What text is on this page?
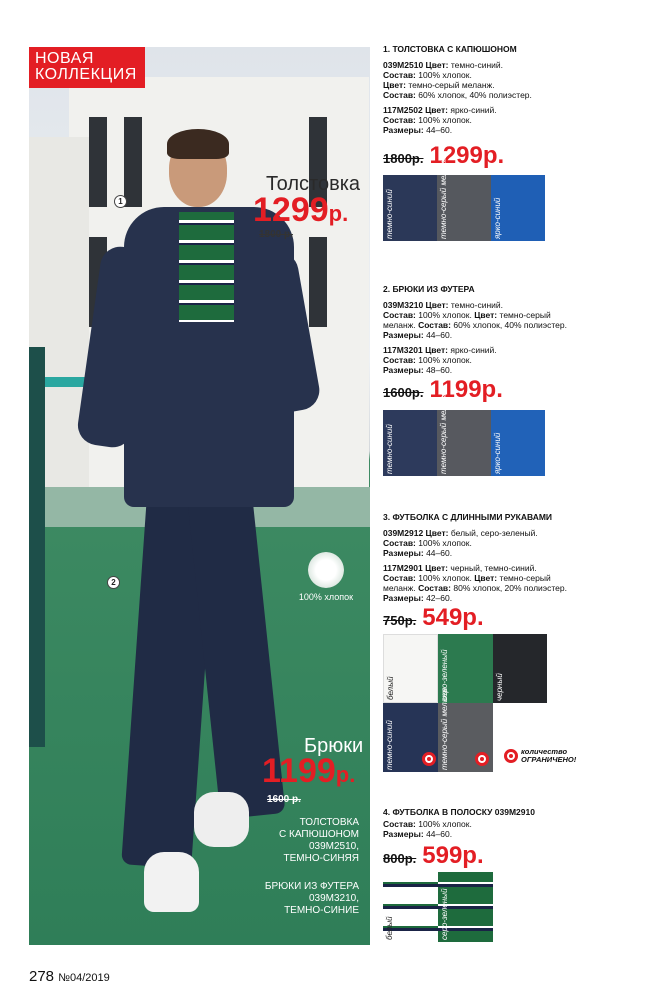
НОВАЯ
КОЛЛЕКЦИЯ
1
2
Толстовка
1299р.
1800 р.
100% хлопок
Брюки
1199р.
1600 р.
ТОЛСТОВКА
С КАПЮШОНОМ
039М2510,
ТЕМНО-СИНЯЯ
БРЮКИ ИЗ ФУТЕРА
039М3210,
ТЕМНО-СИНИЕ
1. ТОЛСТОВКА С КАПЮШОНОМ

039М2510 Цвет: темно-синий.

Состав: 100% хлопок.

Цвет: темно-серый меланж.

Состав: 60% хлопок, 40% полиэстер.

117М2502 Цвет: ярко-синий.

Состав: 100% хлопок.

Размеры: 44–60.

1800р. 1299р.
темно-синий	темно-серый меланж	ярко-синий
2. БРЮКИ ИЗ ФУТЕРА

039М3210 Цвет: темно-синий.

Состав: 100% хлопок. Цвет: темно-серый

меланж. Состав: 60% хлопок, 40% полиэстер.

Размеры: 44–60.

117М3201 Цвет: ярко-синий.

Состав: 100% хлопок.

Размеры: 48–60.

1600р. 1199р.
темно-синий	темно-серый меланж	ярко-синий
3. ФУТБОЛКА С ДЛИННЫМИ РУКАВАМИ

039М2912 Цвет: белый, серо-зеленый.

Состав: 100% хлопок.

Размеры: 44–60.

117М2901 Цвет: черный, темно-синий.

Состав: 100% хлопок. Цвет: темно-серый

меланж. Состав: 80% хлопок, 20% полиэстер.

Размеры: 42–60.

750р. 549р.
белый	серо-зеленый	черный
темно-синий	темно-серый меланж	количество
ОГРАНИЧЕНО!
4. ФУТБОЛКА В ПОЛОСКУ 039М2910

Состав: 100% хлопок.

Размеры: 44–60.

800р. 599р.
белый	серо-зеленый
278 №04/2019
